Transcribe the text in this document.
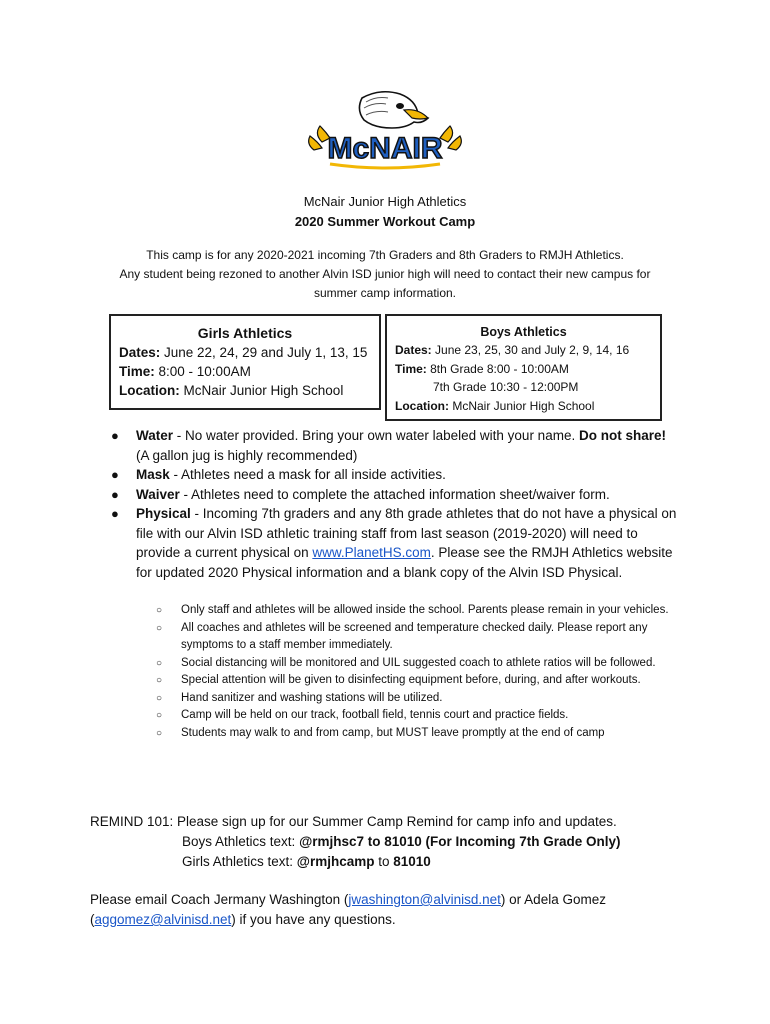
McNAIR
McNair Junior High Athletics
2020 Summer Workout Camp
This camp is for any 2020-2021 incoming 7th Graders and 8th Graders to RMJH Athletics.
Any student being rezoned to another Alvin ISD junior high will need to contact their new campus for
summer camp information.
Girls Athletics
Dates: June 22, 24, 29 and July 1, 13, 15
Time: 8:00 - 10:00AM
Location: McNair Junior High School
Boys Athletics
Dates: June 23, 25, 30 and July 2, 9, 14, 16
Time: 8th Grade 8:00 - 10:00AM
7th Grade 10:30 - 12:00PM
Location: McNair Junior High School
● Water - No water provided. Bring your own water labeled with your name. Do not share!
(A gallon jug is highly recommended)
● Mask - Athletes need a mask for all inside activities.
● Waiver - Athletes need to complete the attached information sheet/waiver form.
● Physical - Incoming 7th graders and any 8th grade athletes that do not have a physical on file with our Alvin ISD athletic training staff from last season (2019-2020) will need to provide a current physical on www.PlanetHS.com. Please see the RMJH Athletics website for updated 2020 Physical information and a blank copy of the Alvin ISD Physical.
○ Only staff and athletes will be allowed inside the school. Parents please remain in your vehicles.
○ All coaches and athletes will be screened and temperature checked daily. Please report any symptoms to a staff member immediately.
○ Social distancing will be monitored and UIL suggested coach to athlete ratios will be followed.
○ Special attention will be given to disinfecting equipment before, during, and after workouts.
○ Hand sanitizer and washing stations will be utilized.
○ Camp will be held on our track, football field, tennis court and practice fields.
○ Students may walk to and from camp, but MUST leave promptly at the end of camp
REMIND 101: Please sign up for our Summer Camp Remind for camp info and updates.
Boys Athletics text: @rmjhsc7 to 81010 (For Incoming 7th Grade Only)
Girls Athletics text: @rmjhcamp to 81010
Please email Coach Jermany Washington (jwashington@alvinisd.net) or Adela Gomez (aggomez@alvinisd.net) if you have any questions.
